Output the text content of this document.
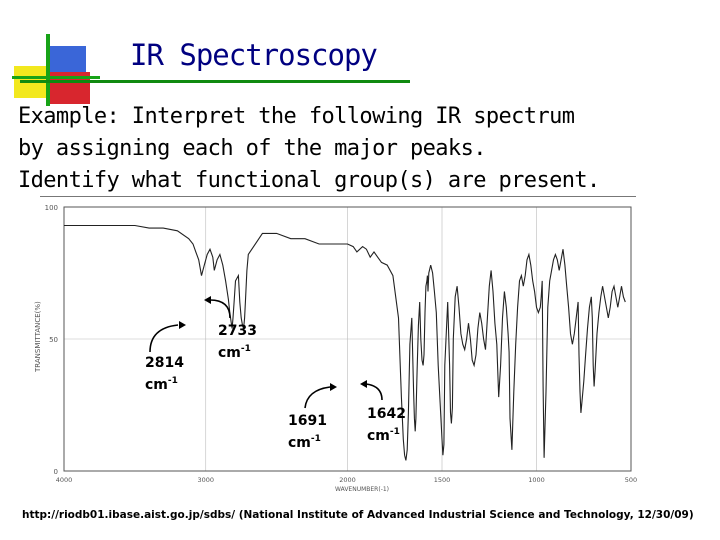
IR Spectroscopy
Example: Interpret the following IR spectrum
by assigning each of the major peaks.
Identify what functional group(s) are present.
100
50
0
4000	3000	2000	1500	1000	500
TRANSMITTANCE(%)
WAVENUMBER(-1)
2814
$cm^{-1}$
2733
$cm^{-1}$
1691
$cm^{-1}$
1642
$cm^{-1}$
http://riodb01.ibase.aist.go.jp/sdbs/ (National Institute of Advanced Industrial Science and Technology, 12/30/09)
